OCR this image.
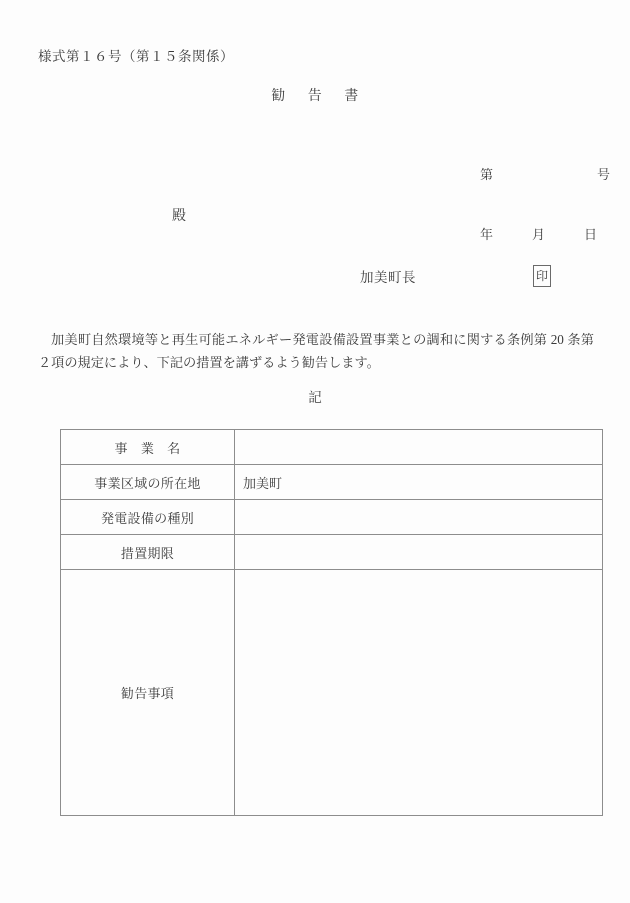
様式第１６号（第１５条関係）
勧 告 書

第　　　　　　　　号

年　　　月　　　日

殿
加美町長	印
加美町自然環境等と再生可能エネルギー発電設備設置事業との調和に関する条例第 20 条第２項の規定により、下記の措置を講ずるよう勧告します。
記
事 業 名	
事業区域の所在地	加美町
発電設備の種別	
措置期限	
勧告事項	
